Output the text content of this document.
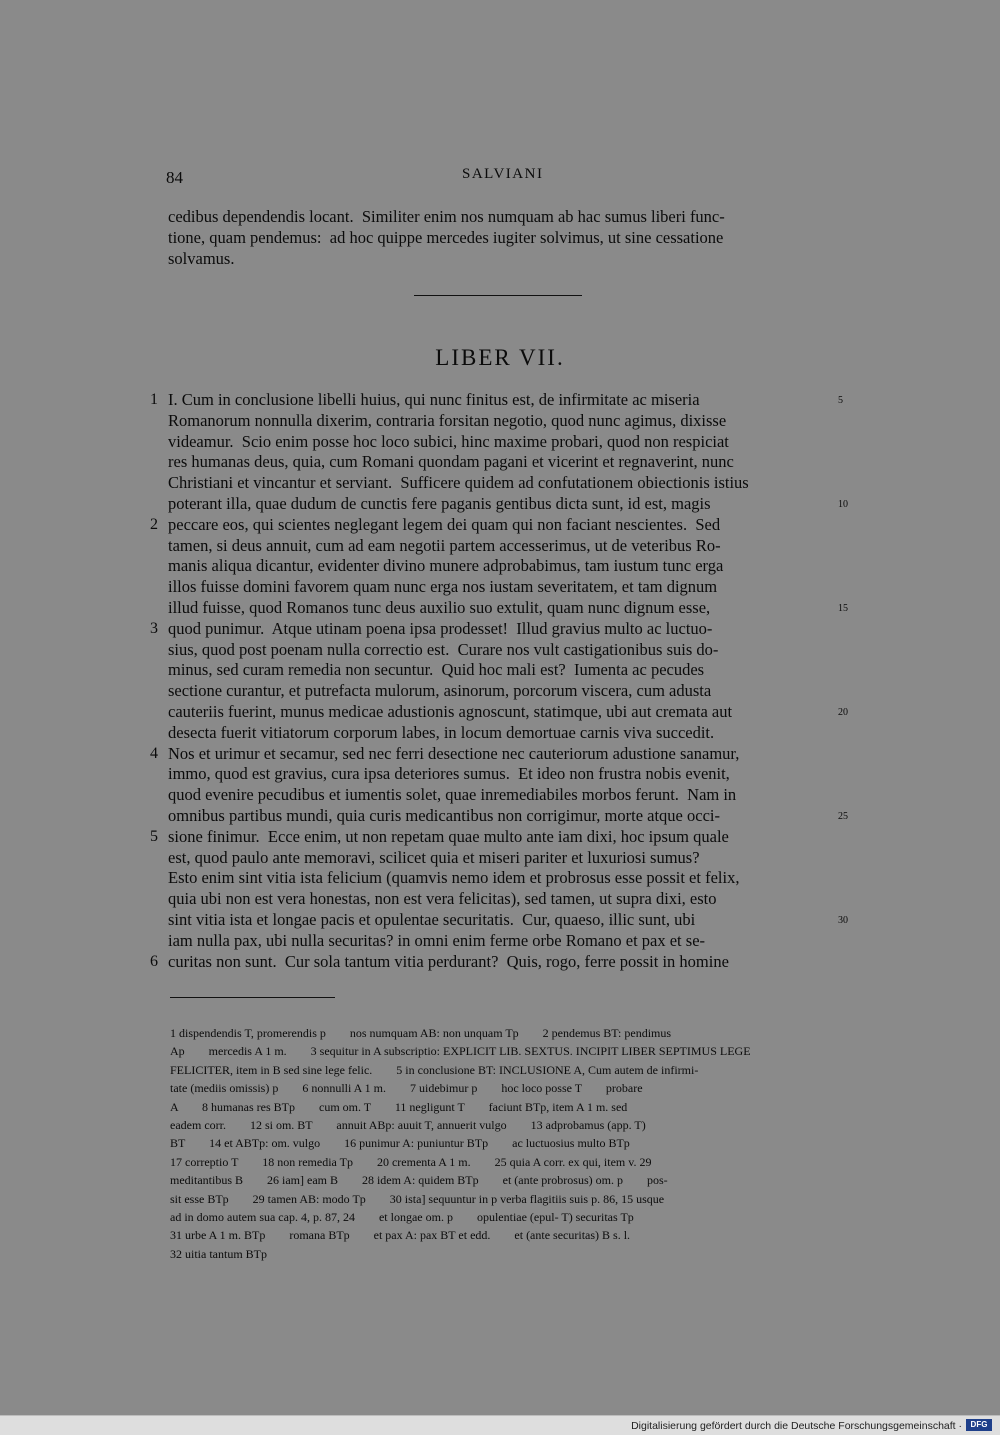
84	SALVIANI
cedibus dependendis locant.  Similiter enim nos numquam ab hac sumus liberi func-
tione, quam pendemus:  ad hoc quippe mercedes iugiter solvimus, ut sine cessatione
solvamus.
LIBER VII.
1 I. Cum in conclusione libelli huius, qui nunc finitus est, de infirmitate ac miseria	5
Romanorum nonnulla dixerim, contraria forsitan negotio, quod nunc agimus, dixisse
videamur.  Scio enim posse hoc loco subici, hinc maxime probari, quod non respiciat
res humanas deus, quia, cum Romani quondam pagani et vicerint et regnaverint, nunc
Christiani et vincantur et serviant.  Sufficere quidem ad confutationem obiectionis istius
poterant illa, quae dudum de cunctis fere paganis gentibus dicta sunt, id est, magis	10
2 peccare eos, qui scientes neglegant legem dei quam qui non faciant nescientes.  Sed
tamen, si deus annuit, cum ad eam negotii partem accesserimus, ut de veteribus Ro-
manis aliqua dicantur, evidenter divino munere adprobabimus, tam iustum tunc erga
illos fuisse domini favorem quam nunc erga nos iustam severitatem, et tam dignum
illud fuisse, quod Romanos tunc deus auxilio suo extulit, quam nunc dignum esse,	15
3 quod punimur.  Atque utinam poena ipsa prodesset!  Illud gravius multo ac luctuo-
sius, quod post poenam nulla correctio est.  Curare nos vult castigationibus suis do-
minus, sed curam remedia non secuntur.  Quid hoc mali est?  Iumenta ac pecudes
sectione curantur, et putrefacta mulorum, asinorum, porcorum viscera, cum adusta
cauteriis fuerint, munus medicae adustionis agnoscunt, statimque, ubi aut cremata aut	20
desecta fuerit vitiatorum corporum labes, in locum demortuae carnis viva succedit.
4 Nos et urimur et secamur, sed nec ferri desectione nec cauteriorum adustione sanamur,
immo, quod est gravius, cura ipsa deteriores sumus.  Et ideo non frustra nobis evenit,
quod evenire pecudibus et iumentis solet, quae inremediabiles morbos ferunt.  Nam in
omnibus partibus mundi, quia curis medicantibus non corrigimur, morte atque occi-	25
5 sione finimur.  Ecce enim, ut non repetam quae multo ante iam dixi, hoc ipsum quale
est, quod paulo ante memoravi, scilicet quia et miseri pariter et luxuriosi sumus?
Esto enim sint vitia ista felicium (quamvis nemo idem et probrosus esse possit et felix,
quia ubi non est vera honestas, non est vera felicitas), sed tamen, ut supra dixi, esto
sint vitia ista et longae pacis et opulentae securitatis.  Cur, quaeso, illic sunt, ubi	30
iam nulla pax, ubi nulla securitas? in omni enim ferme orbe Romano et pax et se-
6 curitas non sunt.  Cur sola tantum vitia perdurant?  Quis, rogo, ferre possit in homine
1 dispendendis T, promerendis p        nos numquam AB: non unquam Tp        2 pendemus BT: pendimus
Ap        mercedis A 1 m.        3 sequitur in A subscriptio: EXPLICIT LIB. SEXTUS. INCIPIT LIBER SEPTIMUS LEGE
FELICITER, item in B sed sine lege felic.        5 in conclusione BT: INCLUSIONE A, Cum autem de infirmi-
tate (mediis omissis) p        6 nonnulli A 1 m.        7 uidebimur p        hoc loco posse T        probare
A        8 humanas res BTp        cum om. T        11 negligunt T        faciunt BTp, item A 1 m. sed
eadem corr.        12 si om. BT        annuit ABp: auuit T, annuerit vulgo        13 adprobamus (app. T)
BT        14 et ABTp: om. vulgo        16 punimur A: puniuntur BTp        ac luctuosius multo BTp
17 correptio T        18 non remedia Tp        20 crementa A 1 m.        25 quia A corr. ex qui, item v. 29
meditantibus B        26 iam] eam B        28 idem A: quidem BTp        et (ante probrosus) om. p        pos-
sit esse BTp        29 tamen AB: modo Tp        30 ista] sequuntur in p verba flagitiis suis p. 86, 15 usque
ad in domo autem sua cap. 4, p. 87, 24        et longae om. p        opulentiae (epul- T) securitas Tp
31 urbe A 1 m. BTp        romana BTp        et pax A: pax BT et edd.        et (ante securitas) B s. l.
32 uitia tantum BTp
Digitalisierung gefördert durch die Deutsche Forschungsgemeinschaft ·	DFG
